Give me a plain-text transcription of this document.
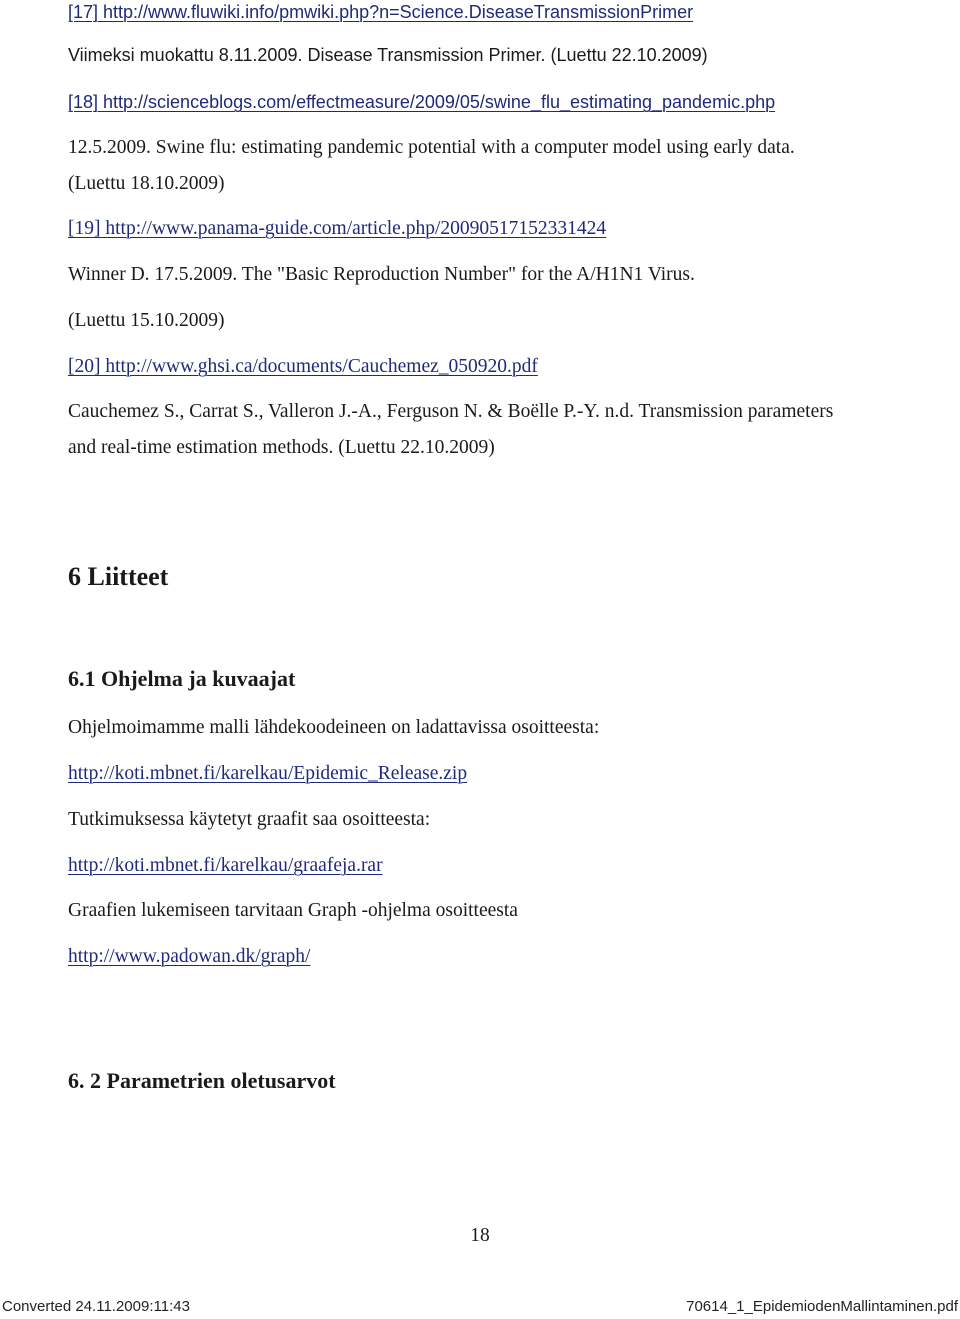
[17] http://www.fluwiki.info/pmwiki.php?n=Science.DiseaseTransmissionPrimer

Viimeksi muokattu 8.11.2009. Disease Transmission Primer. (Luettu 22.10.2009)

[18] http://scienceblogs.com/effectmeasure/2009/05/swine_flu_estimating_pandemic.php

12.5.2009. Swine flu: estimating pandemic potential with a computer model using early data.

(Luettu 18.10.2009)

[19] http://www.panama-guide.com/article.php/20090517152331424

Winner D. 17.5.2009. The "Basic Reproduction Number" for the A/H1N1 Virus.

(Luettu 15.10.2009)

[20] http://www.ghsi.ca/documents/Cauchemez_050920.pdf

Cauchemez S., Carrat S., Valleron J.-A., Ferguson N. & Boëlle P.-Y. n.d. Transmission parameters

and real-time estimation methods. (Luettu 22.10.2009)

6 Liitteet
6.1 Ohjelma ja kuvaajat

Ohjelmoimamme malli lähdekoodeineen on ladattavissa osoitteesta:

http://koti.mbnet.fi/karelkau/Epidemic_Release.zip

Tutkimuksessa käytetyt graafit saa osoitteesta:

http://koti.mbnet.fi/karelkau/graafeja.rar

Graafien lukemiseen tarvitaan Graph -ohjelma osoitteesta

http://www.padowan.dk/graph/
6. 2 Parametrien oletusarvot
18
Converted 24.11.2009:11:43	70614_1_EpidemiodenMallintaminen.pdf
